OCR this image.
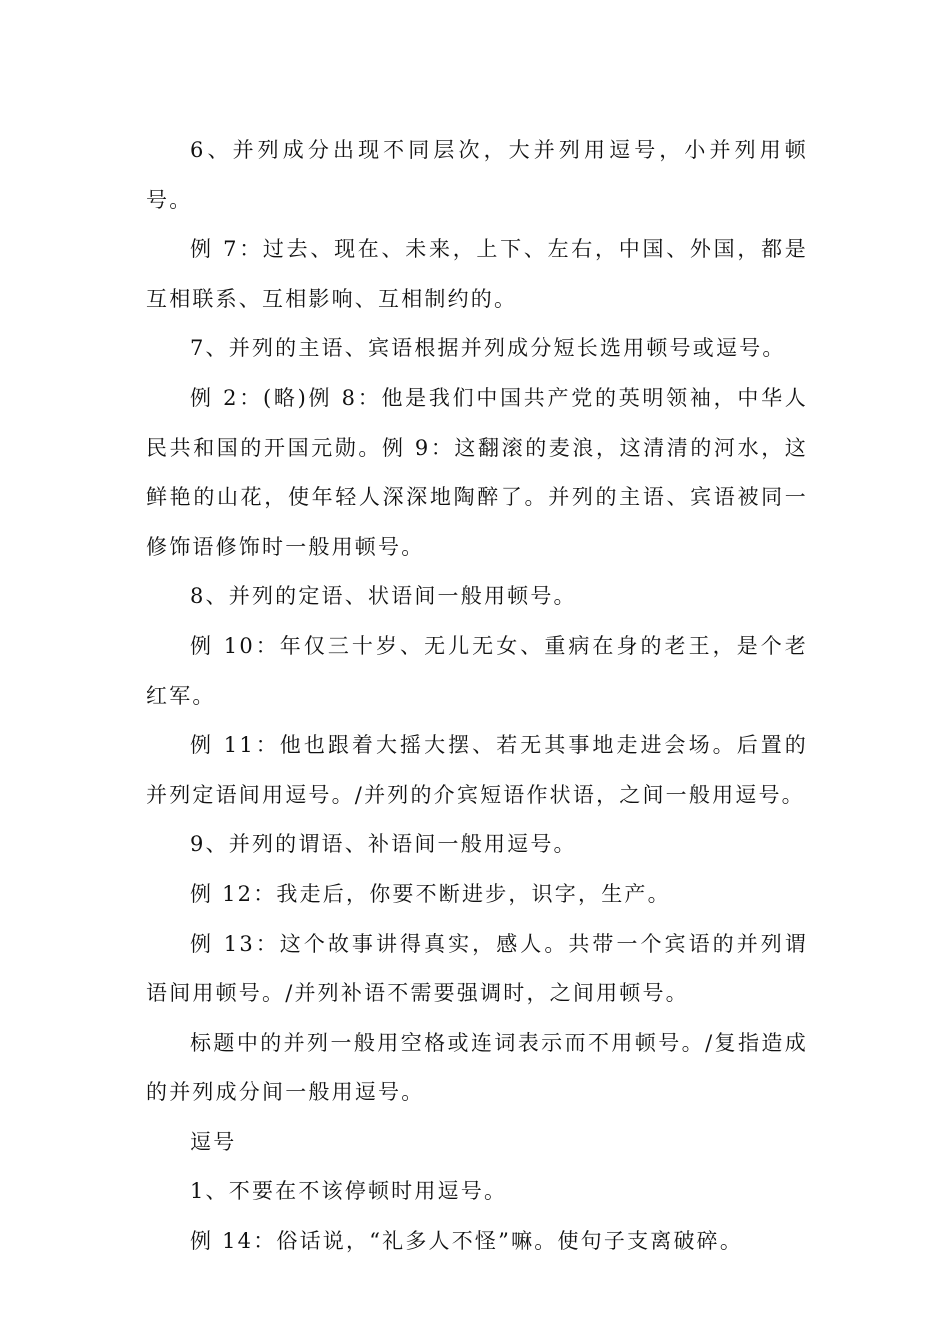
6、并列成分出现不同层次，大并列用逗号，小并列用顿号。

例 7：过去、现在、未来，上下、左右，中国、外国，都是互相联系、互相影响、互相制约的。

7、并列的主语、宾语根据并列成分短长选用顿号或逗号。

例 2：(略)例 8：他是我们中国共产党的英明领袖，中华人民共和国的开国元勋。例 9：这翻滚的麦浪，这清清的河水，这鲜艳的山花，使年轻人深深地陶醉了。并列的主语、宾语被同一修饰语修饰时一般用顿号。

8、并列的定语、状语间一般用顿号。

例 10：年仅三十岁、无儿无女、重病在身的老王，是个老红军。

例 11：他也跟着大摇大摆、若无其事地走进会场。后置的并列定语间用逗号。/并列的介宾短语作状语，之间一般用逗号。

9、并列的谓语、补语间一般用逗号。

例 12：我走后，你要不断进步，识字，生产。

例 13：这个故事讲得真实，感人。共带一个宾语的并列谓语间用顿号。/并列补语不需要强调时，之间用顿号。

标题中的并列一般用空格或连词表示而不用顿号。/复指造成的并列成分间一般用逗号。

逗号

1、不要在不该停顿时用逗号。

例 14：俗话说，“礼多人不怪”嘛。使句子支离破碎。
